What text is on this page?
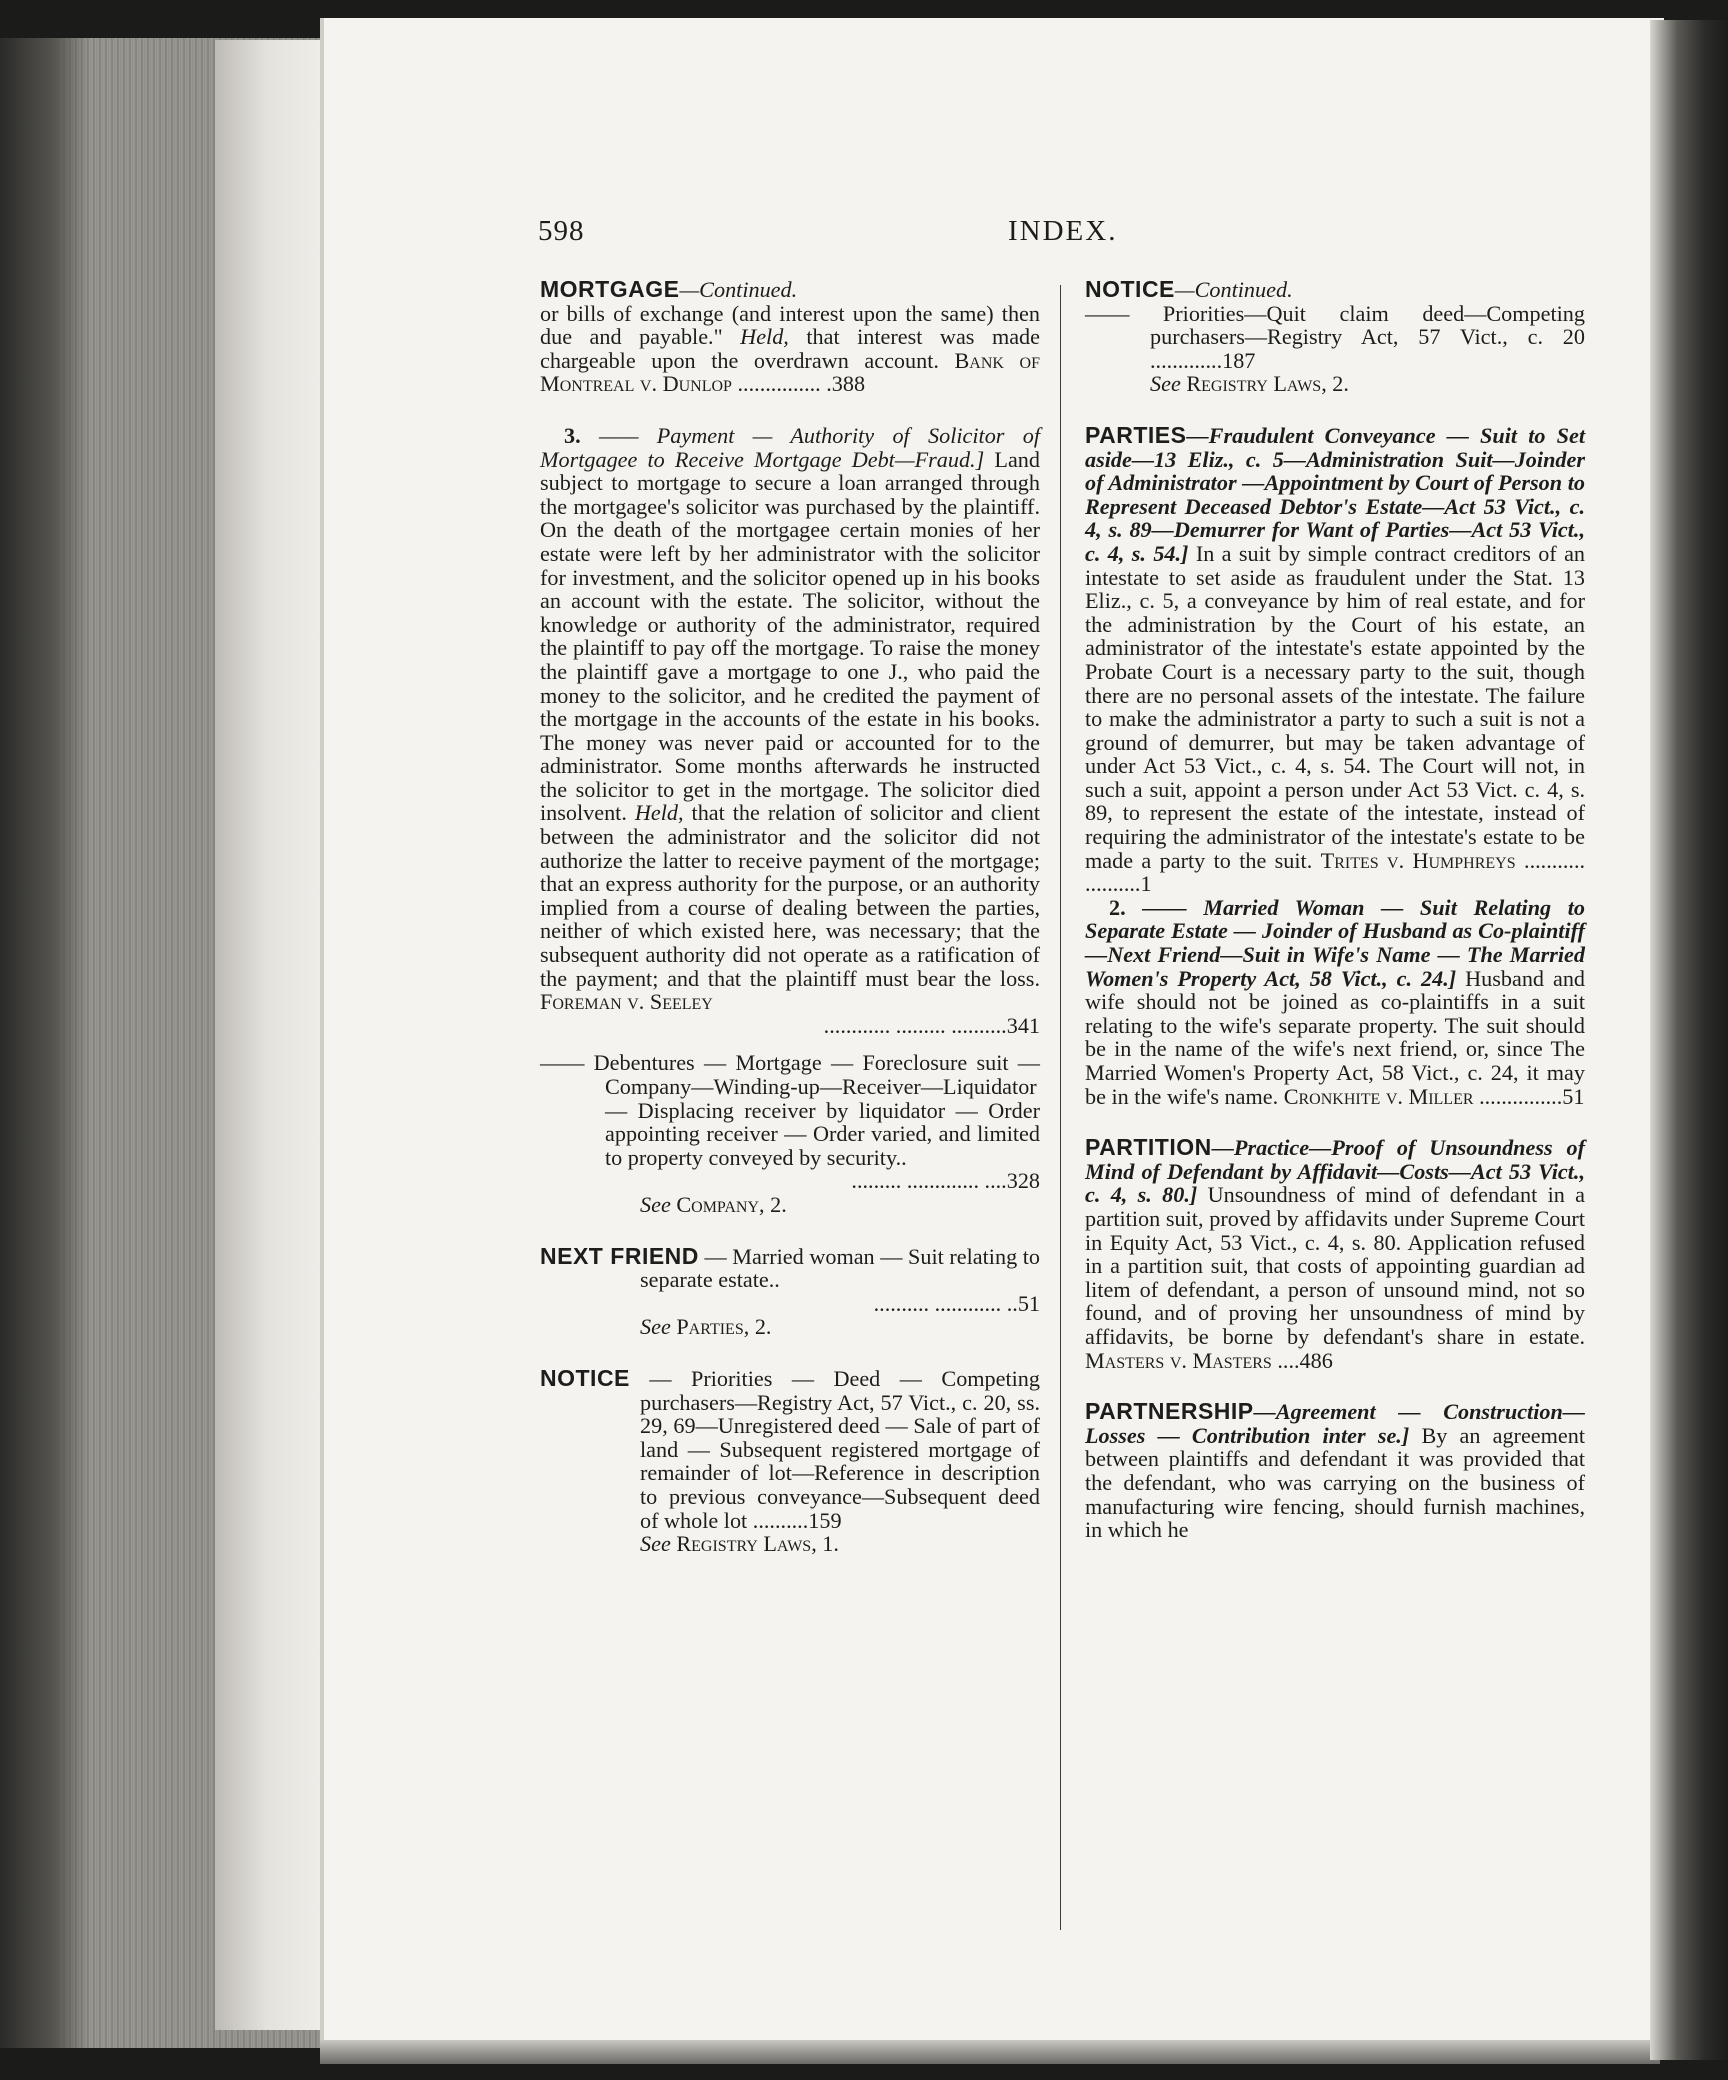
598	INDEX.

MORTGAGE—Continued.

or bills of exchange (and interest upon the same) then due and payable." Held, that interest was made chargeable upon the overdrawn account. Bank of Montreal v. Dunlop ............... .388

3. —— Payment — Authority of Solicitor of Mortgagee to Receive Mortgage Debt—Fraud.] Land subject to mortgage to secure a loan arranged through the mortgagee's solicitor was purchased by the plaintiff. On the death of the mortgagee certain monies of her estate were left by her administrator with the solicitor for investment, and the solicitor opened up in his books an account with the estate. The solicitor, without the knowledge or authority of the administrator, required the plaintiff to pay off the mortgage. To raise the money the plaintiff gave a mortgage to one J., who paid the money to the solicitor, and he credited the payment of the mortgage in the accounts of the estate in his books. The money was never paid or accounted for to the administrator. Some months afterwards he instructed the solicitor to get in the mortgage. The solicitor died insolvent. Held, that the relation of solicitor and client between the administrator and the solicitor did not authorize the latter to receive payment of the mortgage; that an express authority for the purpose, or an authority implied from a course of dealing between the parties, neither of which existed here, was necessary; that the subsequent authority did not operate as a ratification of the payment; and that the plaintiff must bear the loss. Foreman v. Seeley

............ ......... ..........341

—— Debentures — Mortgage — Foreclosure suit — Company—Winding-up—Receiver—Liquidator — Displacing receiver by liquidator — Order appointing receiver — Order varied, and limited to property conveyed by security..

......... ............. ....328

See Company, 2.

NEXT FRIEND — Married woman — Suit relating to separate estate..

.......... ............ ..51

See Parties, 2.

NOTICE — Priorities — Deed — Competing purchasers—Registry Act, 57 Vict., c. 20, ss. 29, 69—Unregistered deed — Sale of part of land — Subsequent registered mortgage of remainder of lot—Reference in description to previous conveyance—Subsequent deed of whole lot ..........159

See Registry Laws, 1.

NOTICE—Continued.

—— Priorities—Quit claim deed—Competing purchasers—Registry Act, 57 Vict., c. 20 .............187

See Registry Laws, 2.

PARTIES—Fraudulent Conveyance — Suit to Set aside—13 Eliz., c. 5—Administration Suit—Joinder of Administrator —Appointment by Court of Person to Represent Deceased Debtor's Estate—Act 53 Vict., c. 4, s. 89—Demurrer for Want of Parties—Act 53 Vict., c. 4, s. 54.] In a suit by simple contract creditors of an intestate to set aside as fraudulent under the Stat. 13 Eliz., c. 5, a conveyance by him of real estate, and for the administration by the Court of his estate, an administrator of the intestate's estate appointed by the Probate Court is a necessary party to the suit, though there are no personal assets of the intestate. The failure to make the administrator a party to such a suit is not a ground of demurrer, but may be taken advantage of under Act 53 Vict., c. 4, s. 54. The Court will not, in such a suit, appoint a person under Act 53 Vict. c. 4, s. 89, to represent the estate of the intestate, instead of requiring the administrator of the intestate's estate to be made a party to the suit. Trites v. Humphreys ........... ..........1

2. —— Married Woman — Suit Relating to Separate Estate — Joinder of Husband as Co-plaintiff—Next Friend—Suit in Wife's Name — The Married Women's Property Act, 58 Vict., c. 24.] Husband and wife should not be joined as co-plaintiffs in a suit relating to the wife's separate property. The suit should be in the name of the wife's next friend, or, since The Married Women's Property Act, 58 Vict., c. 24, it may be in the wife's name. Cronkhite v. Miller ...............51

PARTITION—Practice—Proof of Unsoundness of Mind of Defendant by Affidavit—Costs—Act 53 Vict., c. 4, s. 80.] Unsoundness of mind of defendant in a partition suit, proved by affidavits under Supreme Court in Equity Act, 53 Vict., c. 4, s. 80. Application refused in a partition suit, that costs of appointing guardian ad litem of defendant, a person of unsound mind, not so found, and of proving her unsoundness of mind by affidavits, be borne by defendant's share in estate. Masters v. Masters ....486

PARTNERSHIP—Agreement — Construction—Losses — Contribution inter se.] By an agreement between plaintiffs and defendant it was provided that the defendant, who was carrying on the business of manufacturing wire fencing, should furnish machines, in which he
